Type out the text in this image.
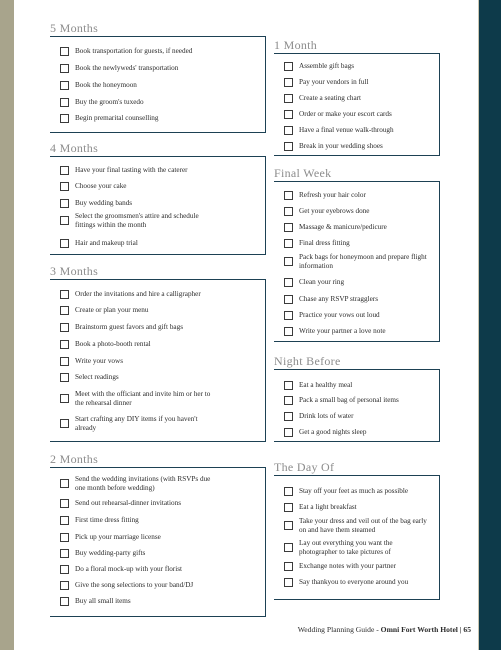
5 Months
Book transportation for guests, if needed
Book the newlyweds' transportation
Book the honeymoon
Buy the groom's tuxedo
Begin premarital counselling
4 Months
Have your final tasting with the caterer
Choose your cake
Buy wedding bands
Select the groomsmen's attire and schedule fittings within the month
Hair and makeup trial
3 Months
Order the invitations and hire a calligrapher
Create or plan your menu
Brainstorm guest favors and gift bags
Book a photo-booth rental
Write your vows
Select readings
Meet with the officiant and invite him or her to the rehearsal dinner
Start crafting any DIY items if you haven't already
2 Months
Send the wedding invitations (with RSVPs due one month before wedding)
Send out rehearsal-dinner invitations
First time dress fitting
Pick up your marriage license
Buy wedding-party gifts
Do a floral mock-up with your florist
Give the song selections to your band/DJ
Buy all small items
1 Month
Assemble gift bags
Pay your vendors in full
Create a seating chart
Order or make your escort cards
Have a final venue walk-through
Break in your wedding shoes
Final Week
Refresh your hair color
Get your eyebrows done
Massage & manicure/pedicure
Final dress fitting
Pack bags for honeymoon and prepare flight information
Clean your ring
Chase any RSVP stragglers
Practice your vows out loud
Write your partner a love note
Night Before
Eat a healthy meal
Pack a small bag of personal items
Drink lots of water
Get a good nights sleep
The Day Of
Stay off your feet as much as possible
Eat a light breakfast
Take your dress and veil out of the bag early on and have them steamed
Lay out everything you want the photographer to take pictures of
Exchange notes with your partner
Say thankyou to everyone around you
Wedding Planning Guide - Omni Fort Worth Hotel | 65
